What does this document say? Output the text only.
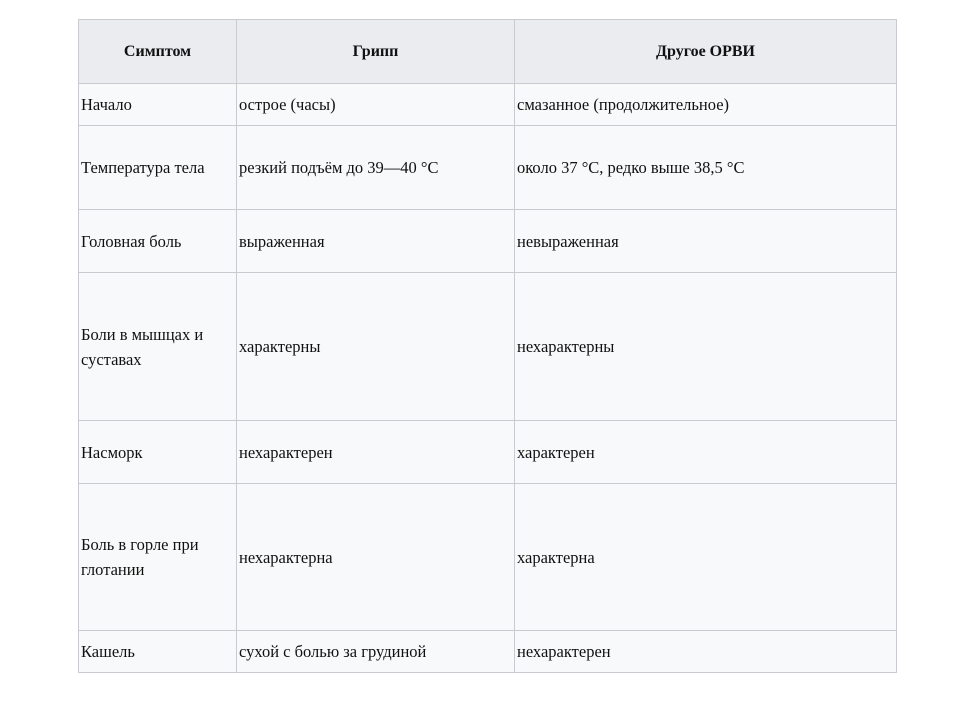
Симптом	Грипп	Другое ОРВИ
Начало	острое (часы)	смазанное (продолжительное)
Температура тела	резкий подъём до 39—40 °C	около 37 °C, редко выше 38,5 °C
Головная боль	выраженная	невыраженная
Боли в мышцах и суставах	характерны	нехарактерны
Насморк	нехарактерен	характерен
Боль в горле при глотании	нехарактерна	характерна
Кашель	сухой с болью за грудиной	нехарактерен
